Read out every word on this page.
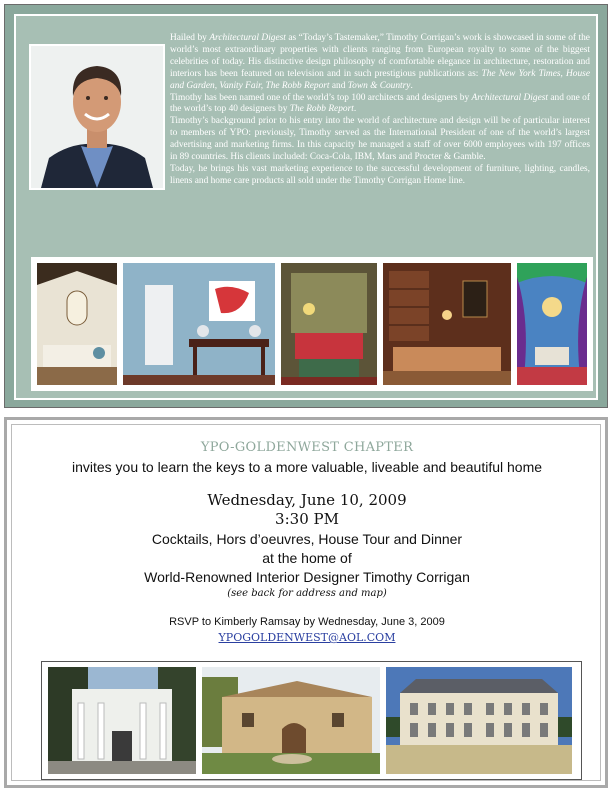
Hailed by Architectural Digest as “Today’s Tastemaker,” Timothy Corrigan’s work is showcased in some of the world’s most extraordinary properties with clients ranging from European royalty to some of the biggest celebrities of today. His distinctive design philosophy of comfortable elegance in architecture, restoration and interiors has been featured on television and in such prestigious publications as: The New York Times, House and Garden, Vanity Fair, The Robb Report and Town & Country.

Timothy has been named one of the world’s top 100 architects and designers by Architectural Digest and one of the world’s top 40 designers by The Robb Report.

Timothy’s background prior to his entry into the world of architecture and design will be of particular interest to members of YPO: previously, Timothy served as the International President of one of the world’s largest advertising and marketing firms. In this capacity he managed a staff of over 6000 employees with 197 offices in 89 countries. His clients included: Coca-Cola, IBM, Mars and Procter & Gamble.

Today, he brings his vast marketing experience to the successful development of furniture, lighting, candles, linens and home care products all sold under the Timothy Corrigan Home line.

YPO-GOLDENWEST CHAPTER
invites you to learn the keys to a more valuable, liveable and beautiful home
Wednesday, June 10, 2009
3:30 PM
Cocktails, Hors d’oeuvres, House Tour and Dinner
at the home of
World-Renowned Interior Designer Timothy Corrigan
(see back for address and map)
RSVP to Kimberly Ramsay by Wednesday, June 3, 2009
YPOGOLDENWEST@AOL.COM
